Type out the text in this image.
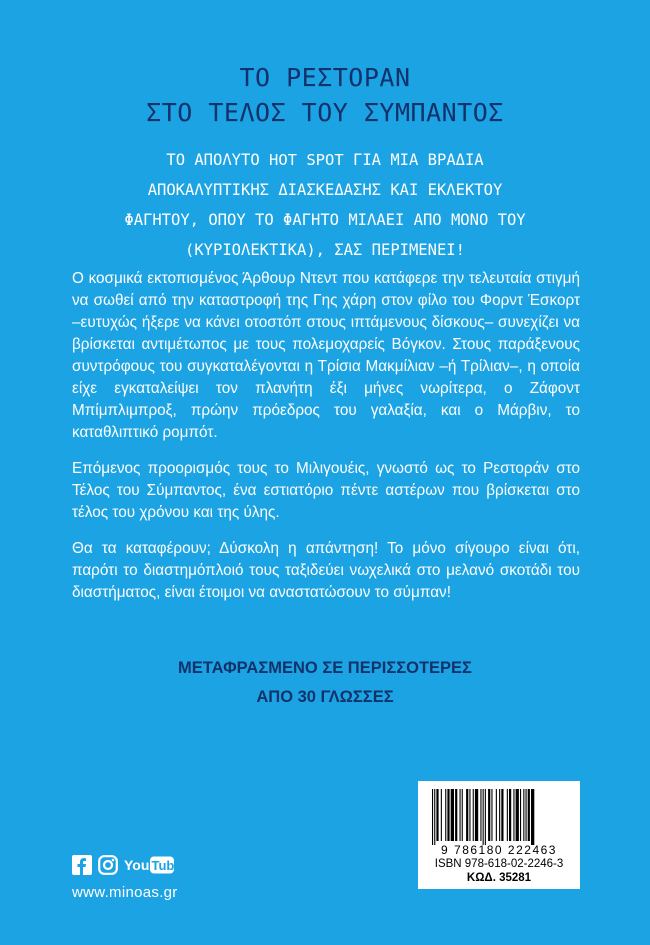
ΤΟ ΡΕΣΤΟΡΑΝ
ΣΤΟ ΤΕΛΟΣ ΤΟΥ ΣΥΜΠΑΝΤΟΣ
ΤΟ ΑΠΟΛΥΤΟ HOT SPOT ΓΙΑ ΜΙΑ ΒΡΑΔΙΑ
ΑΠΟΚΑΛΥΠΤΙΚΗΣ ΔΙΑΣΚΕΔΑΣΗΣ ΚΑΙ ΕΚΛΕΚΤΟΥ
ΦΑΓΗΤΟΥ, ΟΠΟΥ ΤΟ ΦΑΓΗΤΟ ΜΙΛΑΕΙ ΑΠΟ ΜΟΝΟ ΤΟΥ
(ΚΥΡΙΟΛΕΚΤΙΚΑ), ΣΑΣ ΠΕΡΙΜΕΝΕΙ!

Ο κοσμικά εκτοπισμένος Άρθουρ Ντεντ που κατάφερε την τελευταία στιγμή να σωθεί από την καταστροφή της Γης χάρη στον φίλο του Φορντ Έσκορτ –ευτυχώς ήξερε να κάνει οτοστόπ στους ιπτάμενους δίσκους– συνεχίζει να βρίσκεται αντιμέτωπος με τους πολεμοχαρείς Βόγκον. Στους παράξενους συντρόφους του συγκαταλέγονται η Τρίσια Μακμίλιαν –ή Τρίλιαν–, η οποία είχε εγκαταλείψει τον πλανήτη έξι μήνες νωρίτερα, ο Ζάφοντ Μπίμπλιμπροξ, πρώην πρόεδρος του γαλαξία, και ο Μάρβιν, το καταθλιπτικό ρομπότ.

Επόμενος προορισμός τους το Μιλιγουέις, γνωστό ως το Ρεστοράν στο Τέλος του Σύμπαντος, ένα εστιατόριο πέντε αστέρων που βρίσκεται στο τέλος του χρόνου και της ύλης.

Θα τα καταφέρουν; Δύσκολη η απάντηση! Το μόνο σίγουρο είναι ότι, παρότι το διαστημόπλοιό τους ταξιδεύει νωχελικά στο μελανό σκοτάδι του διαστήματος, είναι έτοιμοι να αναστατώσουν το σύμπαν!

ΜΕΤΑΦΡΑΣΜΕΝΟ ΣΕ ΠΕΡΙΣΣΟΤΕΡΕΣ
ΑΠΟ 30 ΓΛΩΣΣΕΣ
You Tube
www.minoas.gr
9 786180 222463
ISBN 978-618-02-2246-3
ΚΩΔ. 35281
